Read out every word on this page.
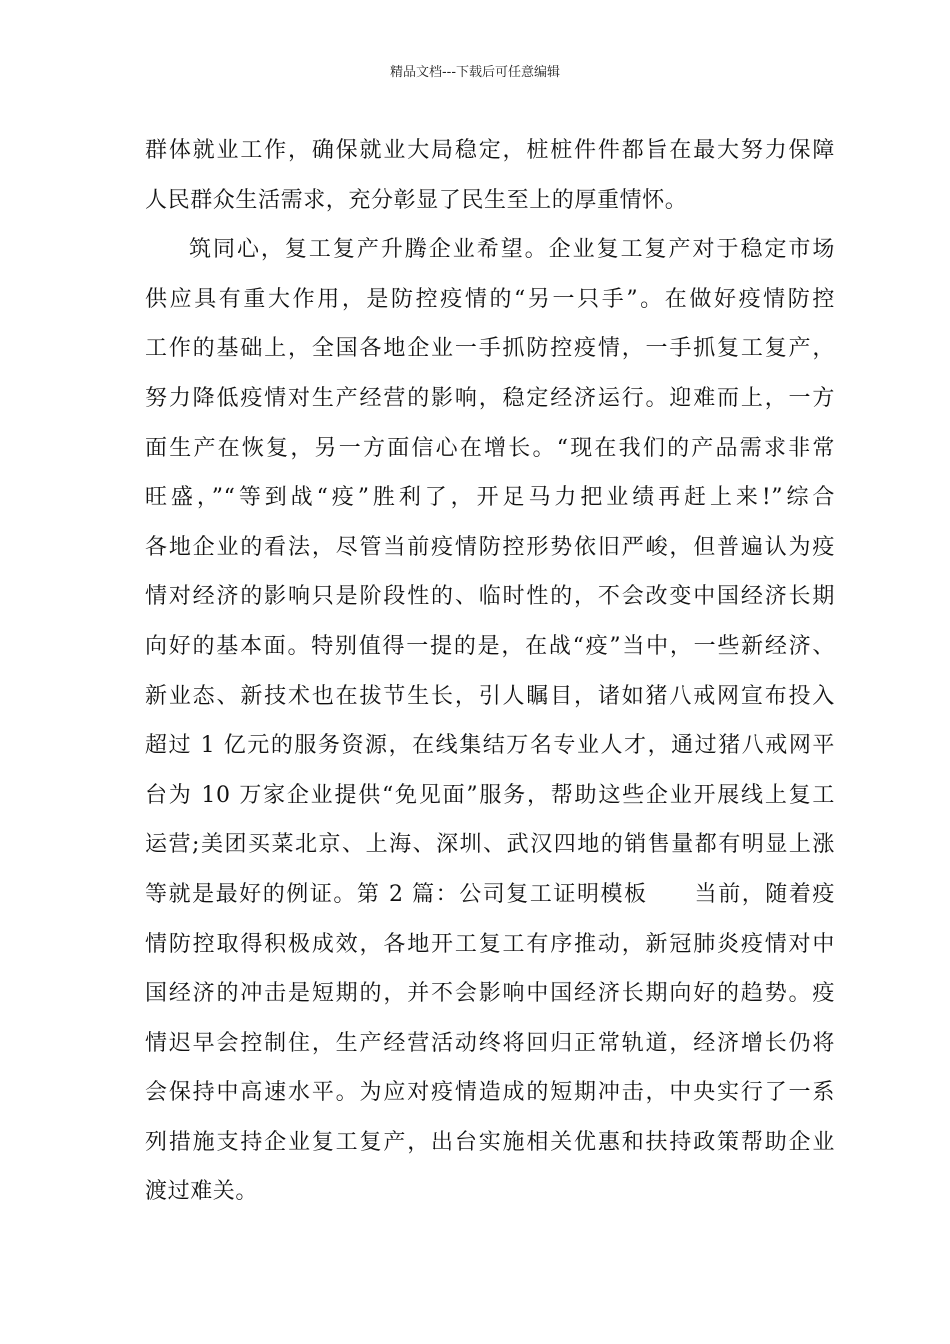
精品文档---下载后可任意编辑
群体就业工作，确保就业大局稳定，桩桩件件都旨在最大努力保障
人民群众生活需求，充分彰显了民生至上的厚重情怀。
筑同心，复工复产升腾企业希望。企业复工复产对于稳定市场
供应具有重大作用，是防控疫情的“另一只手”。在做好疫情防控
工作的基础上，全国各地企业一手抓防控疫情，一手抓复工复产，
努力降低疫情对生产经营的影响，稳定经济运行。迎难而上，一方
面生产在恢复，另一方面信心在增长。“现在我们的产品需求非常
旺盛，”“等到战“疫”胜利了，开足马力把业绩再赶上来!”综合
各地企业的看法，尽管当前疫情防控形势依旧严峻，但普遍认为疫
情对经济的影响只是阶段性的、临时性的，不会改变中国经济长期
向好的基本面。特别值得一提的是，在战“疫”当中，一些新经济、
新业态、新技术也在拔节生长，引人瞩目，诸如猪八戒网宣布投入
超过 1 亿元的服务资源，在线集结万名专业人才，通过猪八戒网平
台为 10 万家企业提供“免见面”服务，帮助这些企业开展线上复工
运营;美团买菜北京、上海、深圳、武汉四地的销售量都有明显上涨
等就是最好的例证。第 2 篇：公司复工证明模板　　当前，随着疫
情防控取得积极成效，各地开工复工有序推动，新冠肺炎疫情对中
国经济的冲击是短期的，并不会影响中国经济长期向好的趋势。疫
情迟早会控制住，生产经营活动终将回归正常轨道，经济增长仍将
会保持中高速水平。为应对疫情造成的短期冲击，中央实行了一系
列措施支持企业复工复产，出台实施相关优惠和扶持政策帮助企业
渡过难关。
